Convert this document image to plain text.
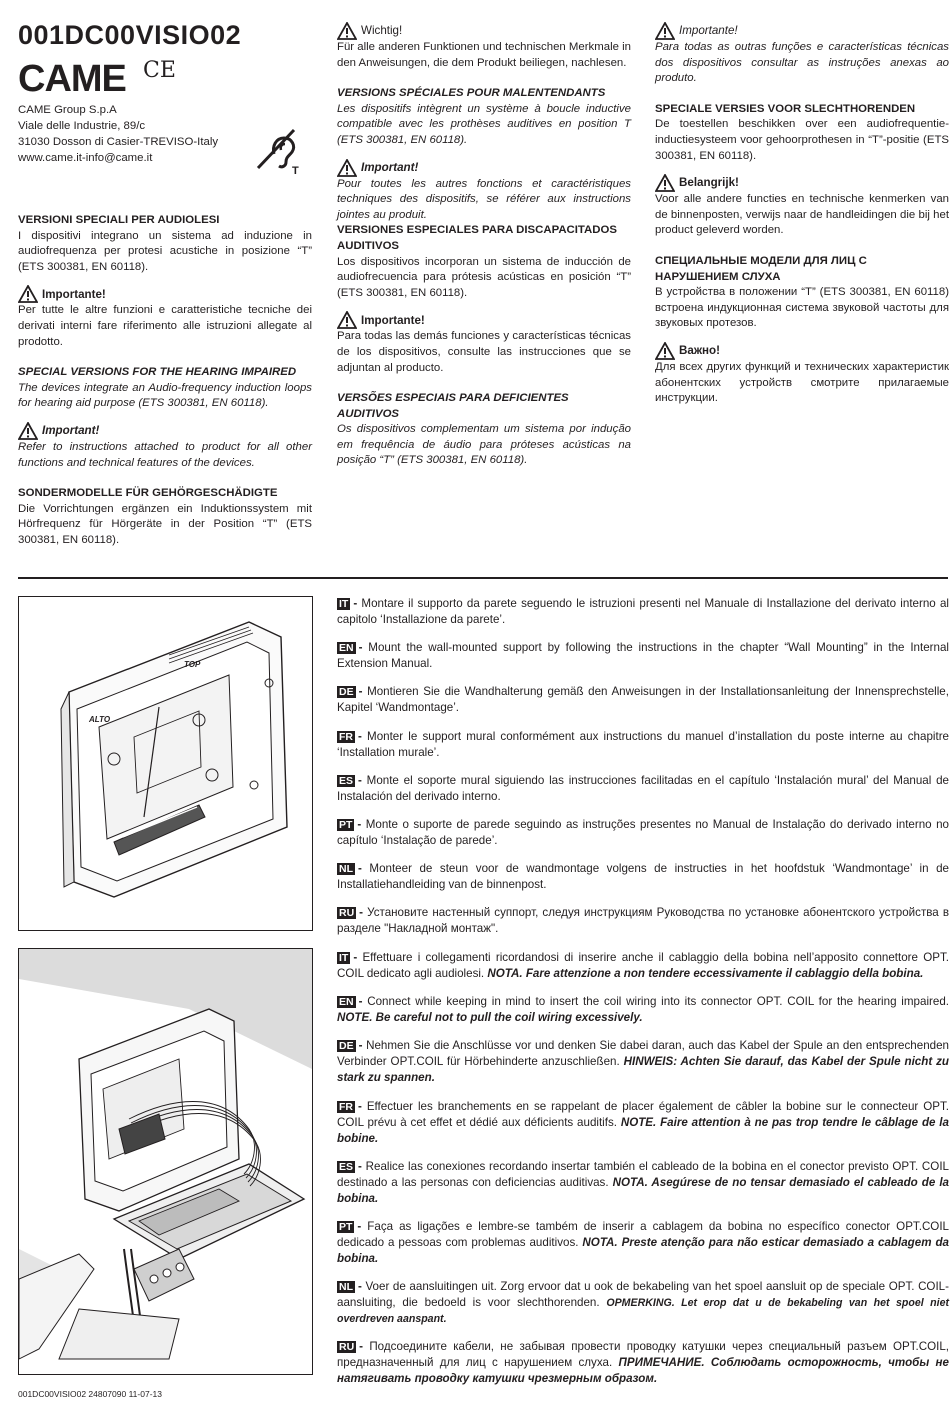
001DC00VISIO02
CAME CE
CAME Group S.p.A
Viale delle Industrie, 89/c
31030 Dosson di Casier-TREVISO-Italy
www.came.it-info@came.it
T

VERSIONI SPECIALI PER AUDIOLESI

I dispositivi integrano un sistema ad induzione in audiofrequenza per protesi acustiche in posizione “T” (ETS 300381, EN 60118).

Importante!

Per tutte le altre funzioni e caratteristiche tecniche dei derivati interni fare riferimento alle istruzioni allegate al prodotto.

SPECIAL VERSIONS FOR THE HEARING IMPAIRED

The devices integrate an Audio-frequency induction loops for hearing aid purpose (ETS 300381, EN 60118).

Important!

Refer to instructions attached to product for all other functions and technical features of the devices.

SONDERMODELLE FÜR GEHÖRGESCHÄDIGTE

Die Vorrichtungen ergänzen ein Induktionssystem mit Hörfrequenz für Hörgeräte in der Position “T” (ETS 300381, EN 60118).

Wichtig!

Für alle anderen Funktionen und technischen Merkmale in den Anweisungen, die dem Produkt beiliegen, nachlesen.

VERSIONS SPÉCIALES POUR MALENTENDANTS

Les dispositifs intègrent un système à boucle inductive compatible avec les prothèses auditives en position T (ETS 300381, EN 60118).

Important!

Pour toutes les autres fonctions et caractéristiques techniques des dispositifs, se référer aux instructions jointes au produit.

VERSIONES ESPECIALES PARA DISCAPACITADOS AUDITIVOS

Los dispositivos incorporan un sistema de inducción de audiofrecuencia para prótesis acústicas en posición “T” (ETS 300381, EN 60118).

Importante!

Para todas las demás funciones y características técnicas de los dispositivos, consulte las instrucciones que se adjuntan al producto.

VERSÕES ESPECIAIS PARA DEFICIENTES AUDITIVOS

Os dispositivos complementam um sistema por indução em frequência de áudio para próteses acústicas na posição “T” (ETS 300381, EN 60118).

Importante!

Para todas as outras funções e características técnicas dos dispositivos consultar as instruções anexas ao produto.

SPECIALE VERSIES VOOR SLECHTHORENDEN

De toestellen beschikken over een audiofrequentie-inductiesysteem voor gehoorprothesen in “T”-positie (ETS 300381, EN 60118).

Belangrijk!

Voor alle andere functies en technische kenmerken van de binnenposten, verwijs naar de handleidingen die bij het product geleverd worden.

СПЕЦИАЛЬНЫЕ МОДЕЛИ ДЛЯ ЛИЦ С НАРУШЕНИЕМ СЛУХА

В устройства в положении “T” (ETS 300381, EN 60118) встроена индукционная система звуковой частоты для звуковых протезов.

Важно!

Для всех других функций и технических характеристик абонентских устройств смотрите прилагаемые инструкции.

ALTO
TOP

IT - Montare il supporto da parete seguendo le istruzioni presenti nel Manuale di Installazione del derivato interno al capitolo ‘Installazione da parete’.

EN - Mount the wall-mounted support by following the instructions in the chapter “Wall Mounting” in the Internal Extension Manual.

DE - Montieren Sie die Wandhalterung gemäß den Anweisungen in der Installationsanleitung der Innensprechstelle, Kapitel ‘Wandmontage’.

FR - Monter le support mural conformément aux instructions du manuel d’installation du poste interne au chapitre ‘Installation murale’.

ES - Monte el soporte mural siguiendo las instrucciones facilitadas en el capítulo ‘Instalación mural’ del Manual de Instalación del derivado interno.

PT - Monte o suporte de parede seguindo as instruções presentes no Manual de Instalação do derivado interno no capítulo ‘Instalação de parede’.

NL - Monteer de steun voor de wandmontage volgens de instructies in het hoofdstuk ‘Wandmontage’ in de Installatiehandleiding van de binnenpost.

RU - Установите настенный суппорт, следуя инструкциям Руководства по установке абонентского устройства в разделе "Накладной монтаж".

IT - Effettuare i collegamenti ricordandosi di inserire anche il cablaggio della bobina nell’apposito connettore OPT. COIL dedicato agli audiolesi. NOTA. Fare attenzione a non tendere eccessivamente il cablaggio della bobina.

EN - Connect while keeping in mind to insert the coil wiring into its connector OPT. COIL for the hearing impaired. NOTE. Be careful not to pull the coil wiring excessively.

DE - Nehmen Sie die Anschlüsse vor und denken Sie dabei daran, auch das Kabel der Spule an den entsprechenden Verbinder OPT.COIL für Hörbehinderte anzuschließen. HINWEIS: Achten Sie darauf, das Kabel der Spule nicht zu stark zu spannen.

FR - Effectuer les branchements en se rappelant de placer également de câbler la bobine sur le connecteur OPT. COIL prévu à cet effet et dédié aux déficients auditifs. NOTE. Faire attention à ne pas trop tendre le câblage de la bobine.

ES - Realice las conexiones recordando insertar también el cableado de la bobina en el conector previsto OPT. COIL destinado a las personas con deficiencias auditivas. NOTA. Asegúrese de no tensar demasiado el cableado de la bobina.

PT - Faça as ligações e lembre-se também de inserir a cablagem da bobina no específico conector OPT.COIL dedicado a pessoas com problemas auditivos. NOTA. Preste atenção para não esticar demasiado a cablagem da bobina.

NL - Voer de aansluitingen uit. Zorg ervoor dat u ook de bekabeling van het spoel aansluit op de speciale OPT. COIL-aansluiting, die bedoeld is voor slechthorenden. OPMERKING. Let erop dat u de bekabeling van het spoel niet overdreven aanspant.

RU - Подсоедините кабели, не забывая провести проводку катушки через специальный разъем OPT.COIL, предназначенный для лиц с нарушением слуха. ПРИМЕЧАНИЕ. Соблюдать осторожность, чтобы не натягивать проводку катушки чрезмерным образом.

001DC00VISIO02 24807090 11-07-13
